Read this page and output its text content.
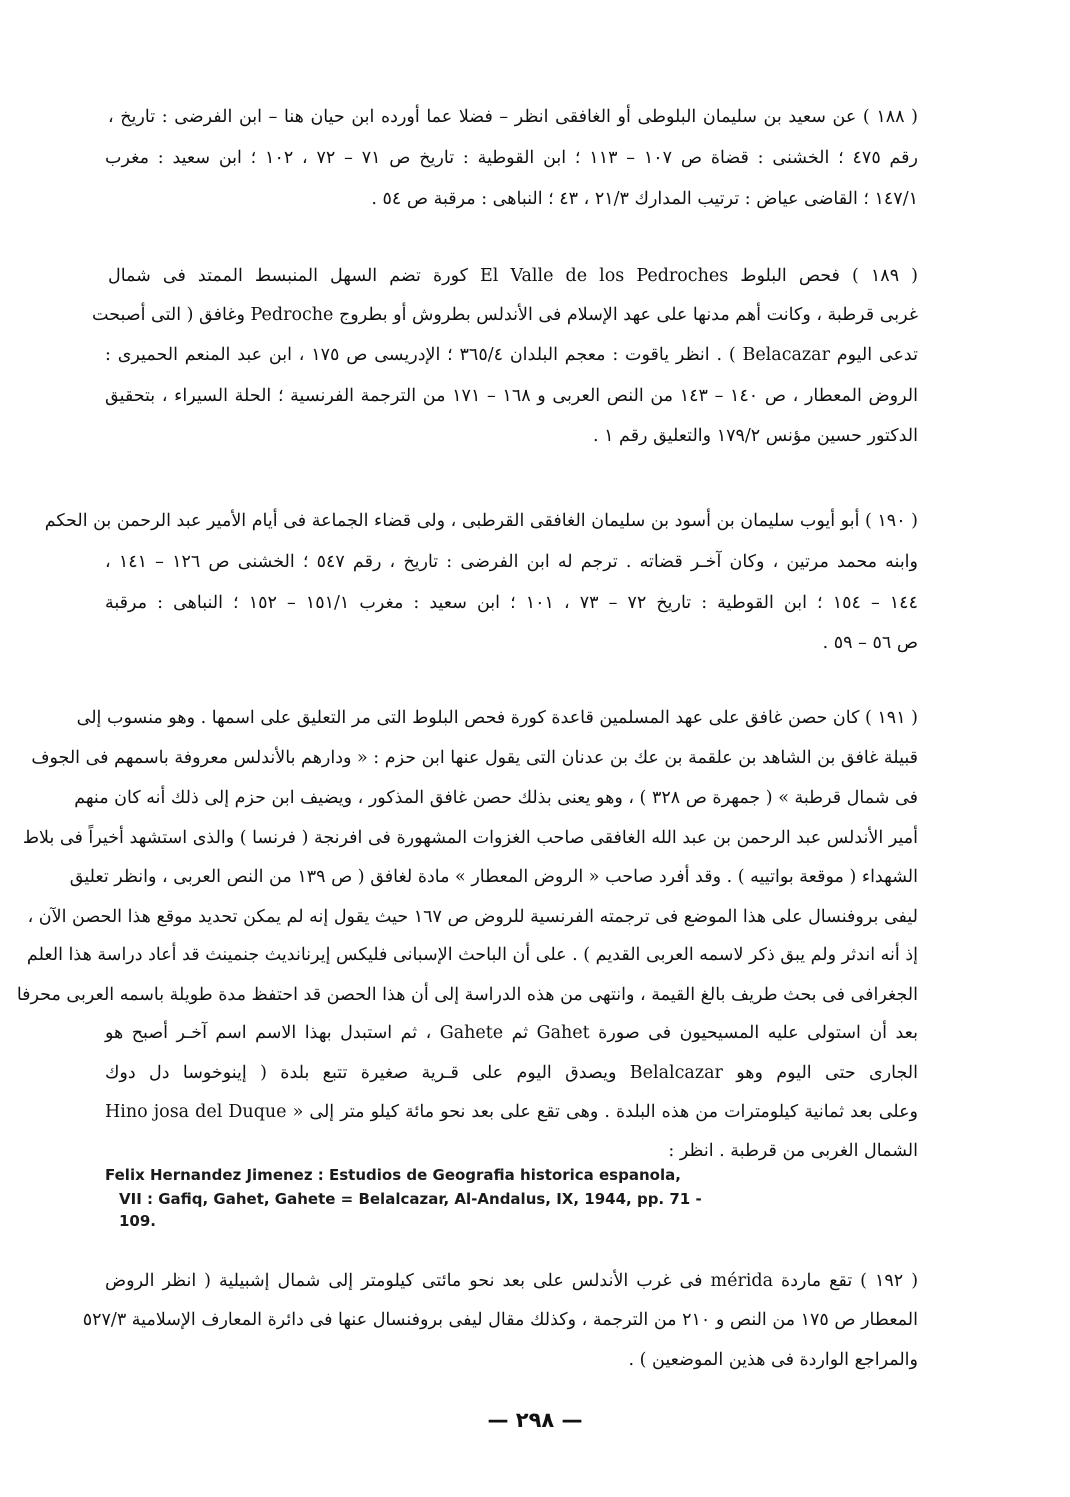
( ١٨٨ ) عن سعيد بن سليمان البلوطى أو الغافقى انظر – فضلا عما أورده ابن حيان هنا – ابن الفرضى : تاريخ ،
رقم ٤٧٥ ؛ الخشنى : قضاة ص ١٠٧ – ١١٣ ؛ ابن القوطية : تاريخ ص ٧١ – ٧٢ ، ١٠٢ ؛ ابن سعيد : مغرب
١٤٧/١ ؛ القاضى عياض : ترتيب المدارك ٢١/٣ ، ٤٣ ؛ النباهى : مرقبة ص ٥٤ .
( ١٨٩ ) فحص البلوط El Valle de los Pedroches كورة تضم السهل المنبسط الممتد فى شمال
غربى قرطبة ، وكانت أهم مدنها على عهد الإسلام فى الأندلس بطروش أو بطروج Pedroche وغافق ( التى أصبحت
تدعى اليوم Belacazar ) . انظر ياقوت : معجم البلدان ٣٦٥/٤ ؛ الإدريسى ص ١٧٥ ، ابن عبد المنعم الحميرى :
الروض المعطار ، ص ١٤٠ – ١٤٣ من النص العربى و ١٦٨ – ١٧١ من الترجمة الفرنسية ؛ الحلة السيراء ، بتحقيق
الدكتور حسين مؤنس ١٧٩/٢ والتعليق رقم ١ .
( ١٩٠ ) أبو أيوب سليمان بن أسود بن سليمان الغافقى القرطبى ، ولى قضاء الجماعة فى أيام الأمير عبد الرحمن بن الحكم
وابنه محمد مرتين ، وكان آخـر قضاته . ترجم له ابن الفرضى : تاريخ ، رقم ٥٤٧ ؛ الخشنى ص ١٢٦ – ١٤١ ،
١٤٤ – ١٥٤ ؛ ابن القوطية : تاريخ ٧٢ – ٧٣ ، ١٠١ ؛ ابن سعيد : مغرب ١٥١/١ – ١٥٢ ؛ النباهى : مرقبة
ص ٥٦ – ٥٩ .
( ١٩١ ) كان حصن غافق على عهد المسلمين قاعدة كورة فحص البلوط التى مر التعليق على اسمها . وهو منسوب إلى
قبيلة غافق بن الشاهد بن علقمة بن عك بن عدنان التى يقول عنها ابن حزم : « ودارهم بالأندلس معروفة باسمهم فى الجوف
فى شمال قرطبة » ( جمهرة ص ٣٢٨ ) ، وهو يعنى بذلك حصن غافق المذكور ، ويضيف ابن حزم إلى ذلك أنه كان منهم
أمير الأندلس عبد الرحمن بن عبد الله الغافقى صاحب الغزوات المشهورة فى افرنجة ( فرنسا ) والذى استشهد أخيراً فى بلاط
الشهداء ( موقعة بواتييه ) . وقد أفرد صاحب « الروض المعطار » مادة لغافق ( ص ١٣٩ من النص العربى ، وانظر تعليق
ليفى بروفنسال على هذا الموضع فى ترجمته الفرنسية للروض ص ١٦٧ حيث يقول إنه لم يمكن تحديد موقع هذا الحصن الآن ،
إذ أنه اندثر ولم يبق ذكر لاسمه العربى القديم ) . على أن الباحث الإسبانى فليكس إيرنانديث جنمينث قد أعاد دراسة هذا العلم
الجغرافى فى بحث طريف بالغ القيمة ، وانتهى من هذه الدراسة إلى أن هذا الحصن قد احتفظ مدة طويلة باسمه العربى محرفا
بعد أن استولى عليه المسيحيون فى صورة Gahet ثم Gahete ، ثم استبدل بهذا الاسم اسم آخـر أصبح هو
الجارى حتى اليوم وهو Belalcazar ويصدق اليوم على قـرية صغيرة تتبع بلدة ( إينوخوسا دل دوك
Hino josa del Duque » وعلى بعد ثمانية كيلومترات من هذه البلدة . وهى تقع على بعد نحو مائة كيلو متر إلى
الشمال الغربى من قرطبة . انظر :
Felix Hernandez Jimenez : Estudios de Geografia historica espanola,
VII : Gafiq, Gahet, Gahete = Belalcazar, Al-Andalus, IX, 1944, pp. 71 -
109.
( ١٩٢ ) تقع ماردة mérida فى غرب الأندلس على بعد نحو مائتى كيلومتر إلى شمال إشبيلية ( انظر الروض
المعطار ص ١٧٥ من النص و ٢١٠ من الترجمة ، وكذلك مقال ليفى بروفنسال عنها فى دائرة المعارف الإسلامية ٥٢٧/٣
والمراجع الواردة فى هذين الموضعين ) .
— ٢٩٨ —
